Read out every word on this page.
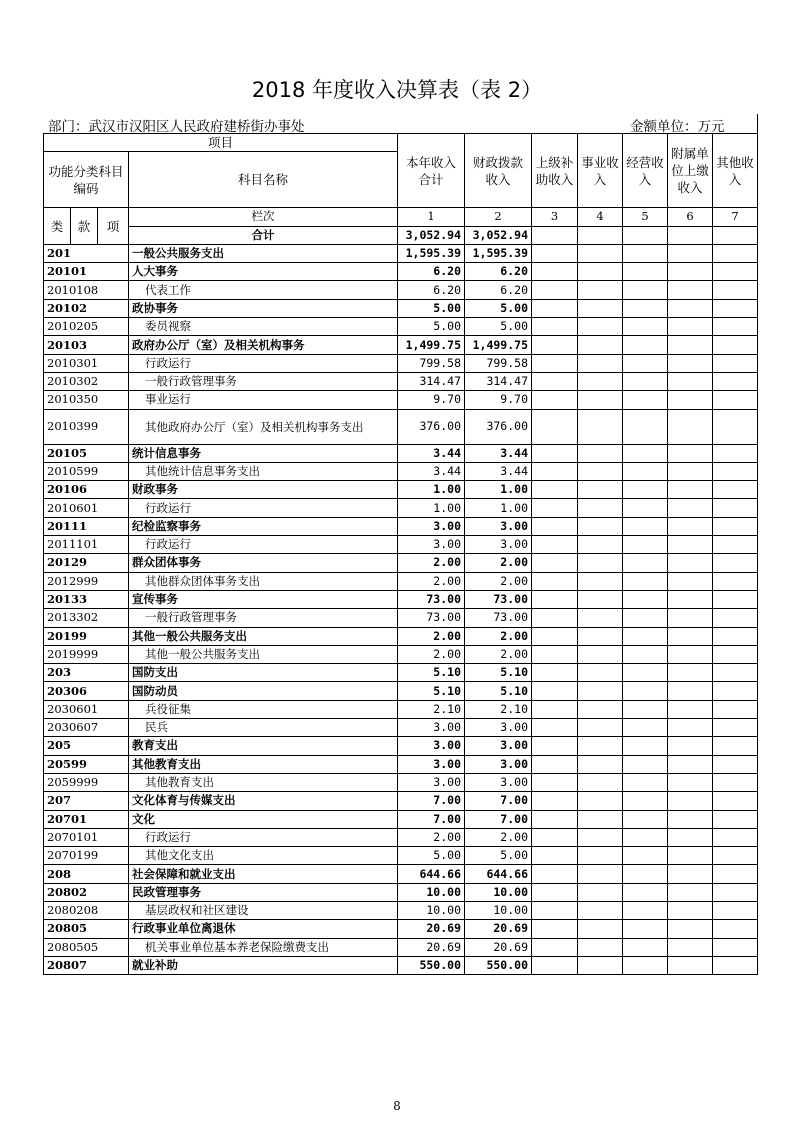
2018 年度收入决算表（表 2）
部门：武汉市汉阳区人民政府建桥街办事处	金额单位：万元
项目				本年收入合计	财政拨款收入	上级补助收入	事业收入	经营收入	附属单位上缴收入	其他收入
功能分类科目编码			科目名称							

类	款	项	栏次	1	2	3	4	5	6	7
			合计	3,052.94	3,052.94					
201			一般公共服务支出	1,595.39	1,595.39					
20101			人大事务	6.20	6.20					
2010108			代表工作	6.20	6.20					
20102			政协事务	5.00	5.00					
2010205			委员视察	5.00	5.00					
20103			政府办公厅（室）及相关机构事务	1,499.75	1,499.75					
2010301			行政运行	799.58	799.58					
2010302			一般行政管理事务	314.47	314.47					
2010350			事业运行	9.70	9.70					
2010399			其他政府办公厅（室）及相关机构事务支出	376.00	376.00					
20105			统计信息事务	3.44	3.44					
2010599			其他统计信息事务支出	3.44	3.44					
20106			财政事务	1.00	1.00					
2010601			行政运行	1.00	1.00					
20111			纪检监察事务	3.00	3.00					
2011101			行政运行	3.00	3.00					
20129			群众团体事务	2.00	2.00					
2012999			其他群众团体事务支出	2.00	2.00					
20133			宣传事务	73.00	73.00					
2013302			一般行政管理事务	73.00	73.00					
20199			其他一般公共服务支出	2.00	2.00					
2019999			其他一般公共服务支出	2.00	2.00					
203			国防支出	5.10	5.10					
20306			国防动员	5.10	5.10					
2030601			兵役征集	2.10	2.10					
2030607			民兵	3.00	3.00					
205			教育支出	3.00	3.00					
20599			其他教育支出	3.00	3.00					
2059999			其他教育支出	3.00	3.00					
207			文化体育与传媒支出	7.00	7.00					
20701			文化	7.00	7.00					
2070101			行政运行	2.00	2.00					
2070199			其他文化支出	5.00	5.00					
208			社会保障和就业支出	644.66	644.66					
20802			民政管理事务	10.00	10.00					
2080208			基层政权和社区建设	10.00	10.00					
20805			行政事业单位离退休	20.69	20.69					
2080505			机关事业单位基本养老保险缴费支出	20.69	20.69					
20807			就业补助	550.00	550.00					
8
